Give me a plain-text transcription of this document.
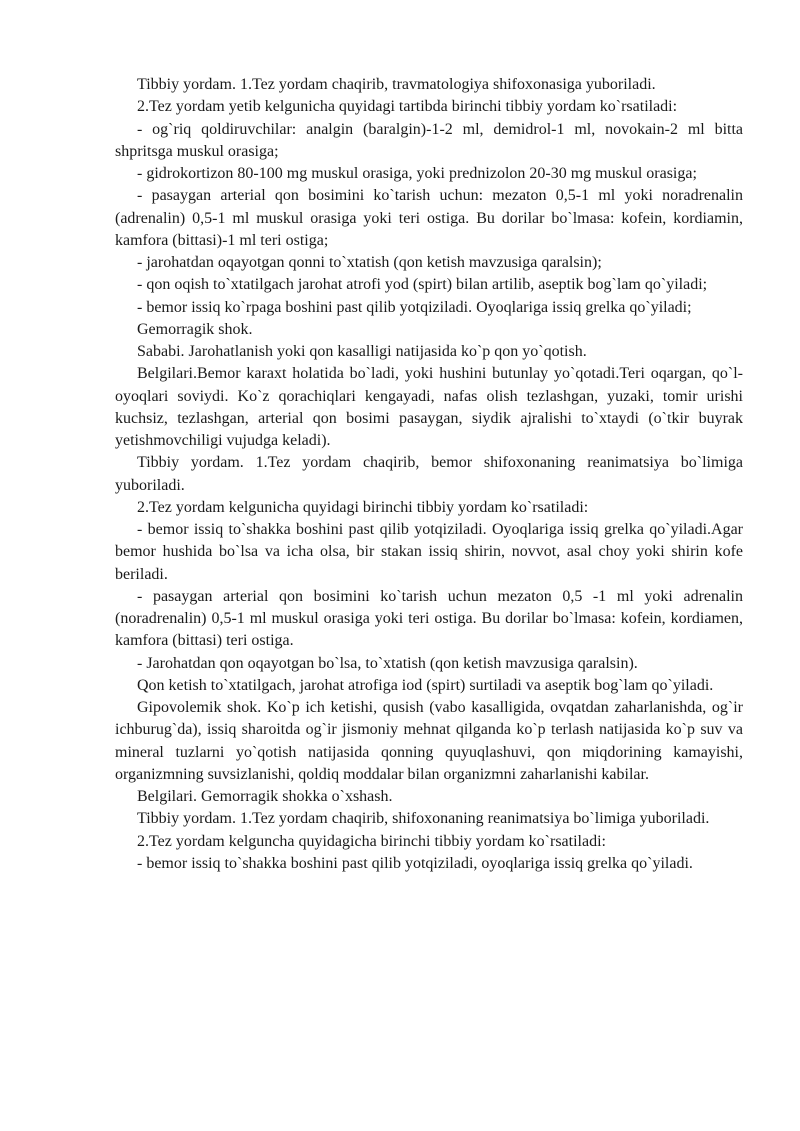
Tibbiy yordam. 1.Tez yordam chaqirib, travmatologiya shifoxonasiga yuboriladi.

2.Tez yordam yetib kelgunicha quyidagi tartibda birinchi tibbiy yordam ko`rsatiladi:

- og`riq qoldiruvchilar: analgin (baralgin)-1-2 ml, demidrol-1 ml, novokain-2 ml bitta shpritsga muskul orasiga;

- gidrokortizon 80-100 mg muskul orasiga, yoki prednizolon 20-30 mg muskul orasiga;

- pasaygan arterial qon bosimini ko`tarish uchun: mezaton 0,5-1 ml yoki noradrenalin (adrenalin) 0,5-1 ml muskul orasiga yoki teri ostiga. Bu dorilar bo`lmasa: kofein, kordiamin, kamfora (bittasi)-1 ml teri ostiga;

- jarohatdan oqayotgan qonni to`xtatish (qon ketish mavzusiga qaralsin);

- qon oqish to`xtatilgach jarohat atrofi yod (spirt) bilan artilib, aseptik bog`lam qo`yiladi;

- bemor issiq ko`rpaga boshini past qilib yotqiziladi. Oyoqlariga issiq grelka qo`yiladi;

Gemorragik shok.

Sababi. Jarohatlanish yoki qon kasalligi natijasida ko`p qon yo`qotish.

Belgilari.Bemor karaxt holatida bo`ladi, yoki hushini butunlay yo`qotadi.Teri oqargan, qo`l-oyoqlari soviydi. Ko`z qorachiqlari kengayadi, nafas olish tezlashgan, yuzaki, tomir urishi kuchsiz, tezlashgan, arterial qon bosimi pasaygan, siydik ajralishi to`xtaydi (o`tkir buyrak yetishmovchiligi vujudga keladi).

Tibbiy yordam. 1.Tez yordam chaqirib, bemor shifoxonaning reanimatsiya bo`limiga yuboriladi.

2.Tez yordam kelgunicha quyidagi birinchi tibbiy yordam ko`rsatiladi:

- bemor issiq to`shakka boshini past qilib yotqiziladi. Oyoqlariga issiq grelka qo`yiladi.Agar bemor hushida bo`lsa va icha olsa, bir stakan issiq shirin, novvot, asal choy yoki shirin kofe beriladi.

- pasaygan arterial qon bosimini ko`tarish uchun mezaton 0,5 -1 ml yoki adrenalin (noradrenalin) 0,5-1 ml muskul orasiga yoki teri ostiga. Bu dorilar bo`lmasa: kofein, kordiamen, kamfora (bittasi) teri ostiga.

- Jarohatdan qon oqayotgan bo`lsa, to`xtatish (qon ketish mavzusiga qaralsin).

Qon ketish to`xtatilgach, jarohat atrofiga iod (spirt) surtiladi va aseptik bog`lam qo`yiladi.

Gipovolemik shok. Ko`p ich ketishi, qusish (vabo kasalligida, ovqatdan zaharlanishda, og`ir ichburug`da), issiq sharoitda og`ir jismoniy mehnat qilganda ko`p terlash natijasida ko`p suv va mineral tuzlarni yo`qotish natijasida qonning quyuqlashuvi, qon miqdorining kamayishi, organizmning suvsizlanishi, qoldiq moddalar bilan organizmni zaharlanishi kabilar.

Belgilari. Gemorragik shokka o`xshash.

Tibbiy yordam. 1.Tez yordam chaqirib, shifoxonaning reanimatsiya bo`limiga yuboriladi.

2.Tez yordam kelguncha quyidagicha birinchi tibbiy yordam ko`rsatiladi:

- bemor issiq to`shakka boshini past qilib yotqiziladi, oyoqlariga issiq grelka qo`yiladi.
